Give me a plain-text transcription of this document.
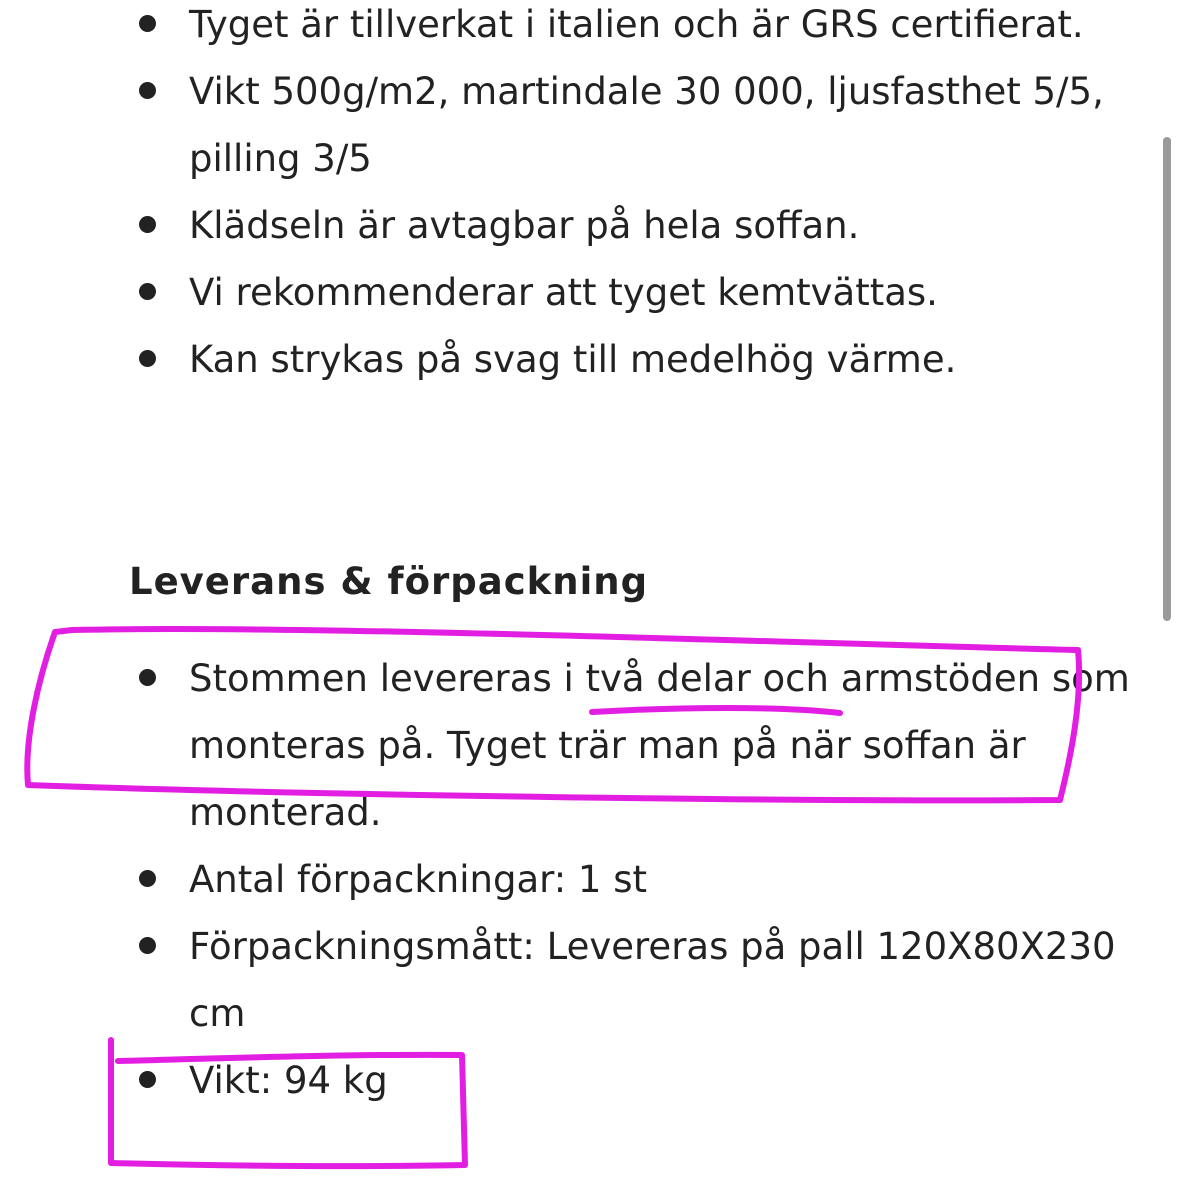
Tyget är tillverkat i italien och är GRS certifierat.
Vikt 500g/m2, martindale 30 000, ljusfasthet 5/5, pilling 3/5
Klädseln är avtagbar på hela soffan.
Vi rekommenderar att tyget kemtvättas.
Kan strykas på svag till medelhög värme.
Leverans & förpackning
Stommen levereras i två delar och armstöden som monteras på. Tyget trär man på när soffan är monterad.
Antal förpackningar: 1 st
Förpackningsmått: Levereras på pall 120X80X230 cm
Vikt: 94 kg
